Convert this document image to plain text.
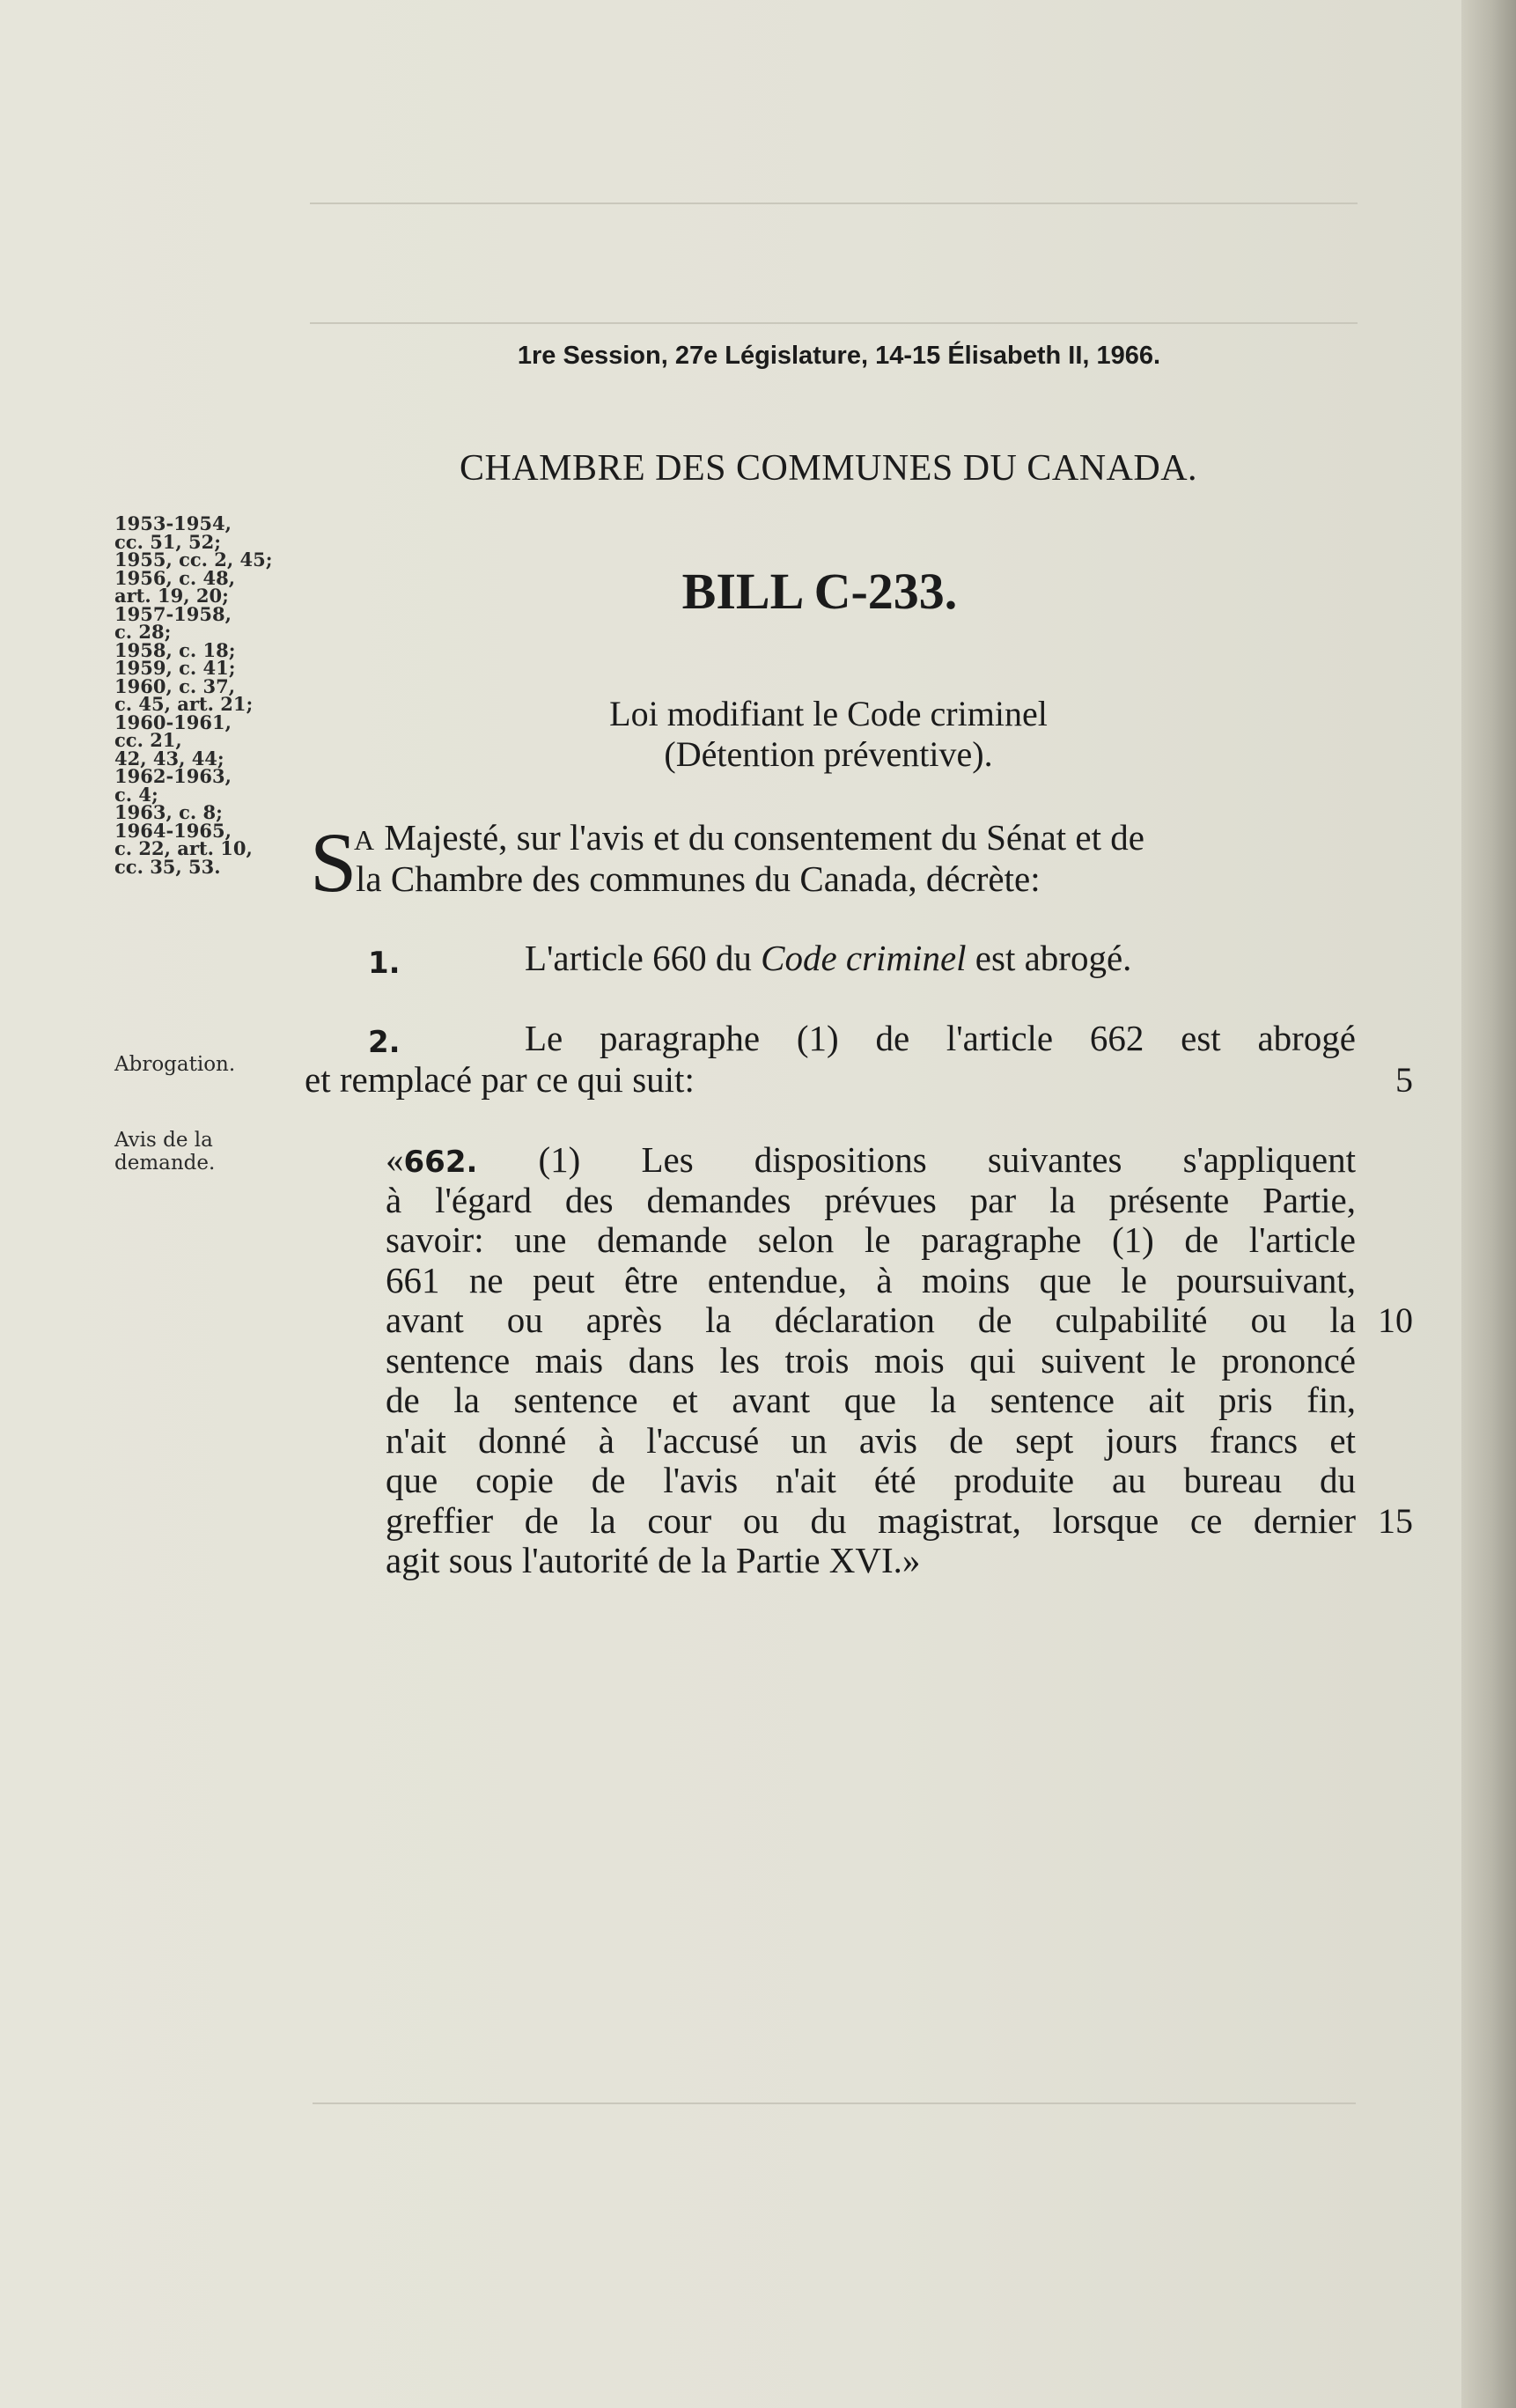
1re Session, 27e Législature, 14-15 Élisabeth II, 1966.
CHAMBRE DES COMMUNES DU CANADA.
BILL C-233.
Loi modifiant le Code criminel
(Détention préventive).
1953-1954,
cc. 51, 52;
1955, cc. 2, 45;
1956, c. 48,
art. 19, 20;
1957-1958,
c. 28;
1958, c. 18;
1959, c. 41;
1960, c. 37,
c. 45, art. 21;
1960-1961,
cc. 21,
42, 43, 44;
1962-1963,
c. 4;
1963, c. 8;
1964-1965,
c. 22, art. 10,
cc. 35, 53.
Abrogation.
Avis de la
demande.
S
A Majesté, sur l'avis et du consentement du Sénat et de
la Chambre des communes du Canada, décrète:
1.	L'article 660 du Code criminel est abrogé.
2.	Le paragraphe (1) de l'article 662 est abrogé
et remplacé par ce qui suit:	5
«662. (1) Les dispositions suivantes s'appliquent
à l'égard des demandes prévues par la présente Partie,
savoir: une demande selon le paragraphe (1) de l'article
661 ne peut être entendue, à moins que le poursuivant,
avant ou après la déclaration de culpabilité ou la
sentence mais dans les trois mois qui suivent le prononcé
de la sentence et avant que la sentence ait pris fin,
n'ait donné à l'accusé un avis de sept jours francs et
que copie de l'avis n'ait été produite au bureau du
greffier de la cour ou du magistrat, lorsque ce dernier
agit sous l'autorité de la Partie XVI.»
10
15
